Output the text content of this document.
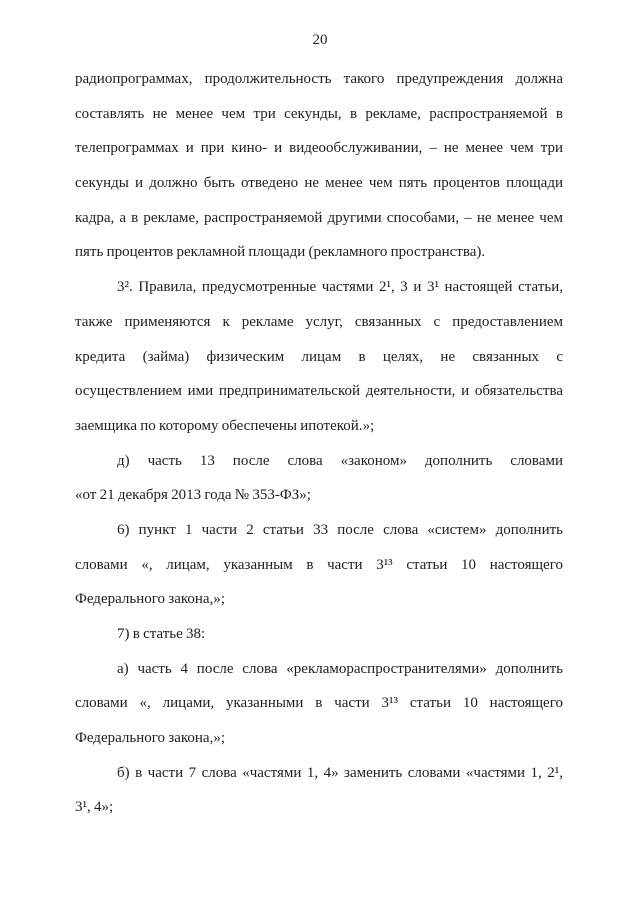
20
радиопрограммах, продолжительность такого предупреждения должна
составлять не менее чем три секунды, в рекламе, распространяемой в
телепрограммах и при кино- и видеообслуживании, – не менее чем три
секунды и должно быть отведено не менее чем пять процентов площади
кадра, а в рекламе, распространяемой другими способами, – не менее чем
пять процентов рекламной площади (рекламного пространства).
3². Правила, предусмотренные частями 2¹, 3 и 3¹ настоящей статьи,
также применяются к рекламе услуг, связанных с предоставлением
кредита (займа) физическим лицам в целях, не связанных с
осуществлением ими предпринимательской деятельности, и обязательства
заемщика по которому обеспечены ипотекой.»;
д) часть 13 после слова «законом» дополнить словами
«от 21 декабря 2013 года № 353-ФЗ»;
6) пункт 1 части 2 статьи 33 после слова «систем» дополнить
словами «, лицам, указанным в части 3¹³ статьи 10 настоящего
Федерального закона,»;
7) в статье 38:
а) часть 4 после слова «рекламораспространителями» дополнить
словами «, лицами, указанными в части 3¹³ статьи 10 настоящего
Федерального закона,»;
б) в части 7 слова «частями 1, 4» заменить словами «частями 1, 2¹,
3¹, 4»;
